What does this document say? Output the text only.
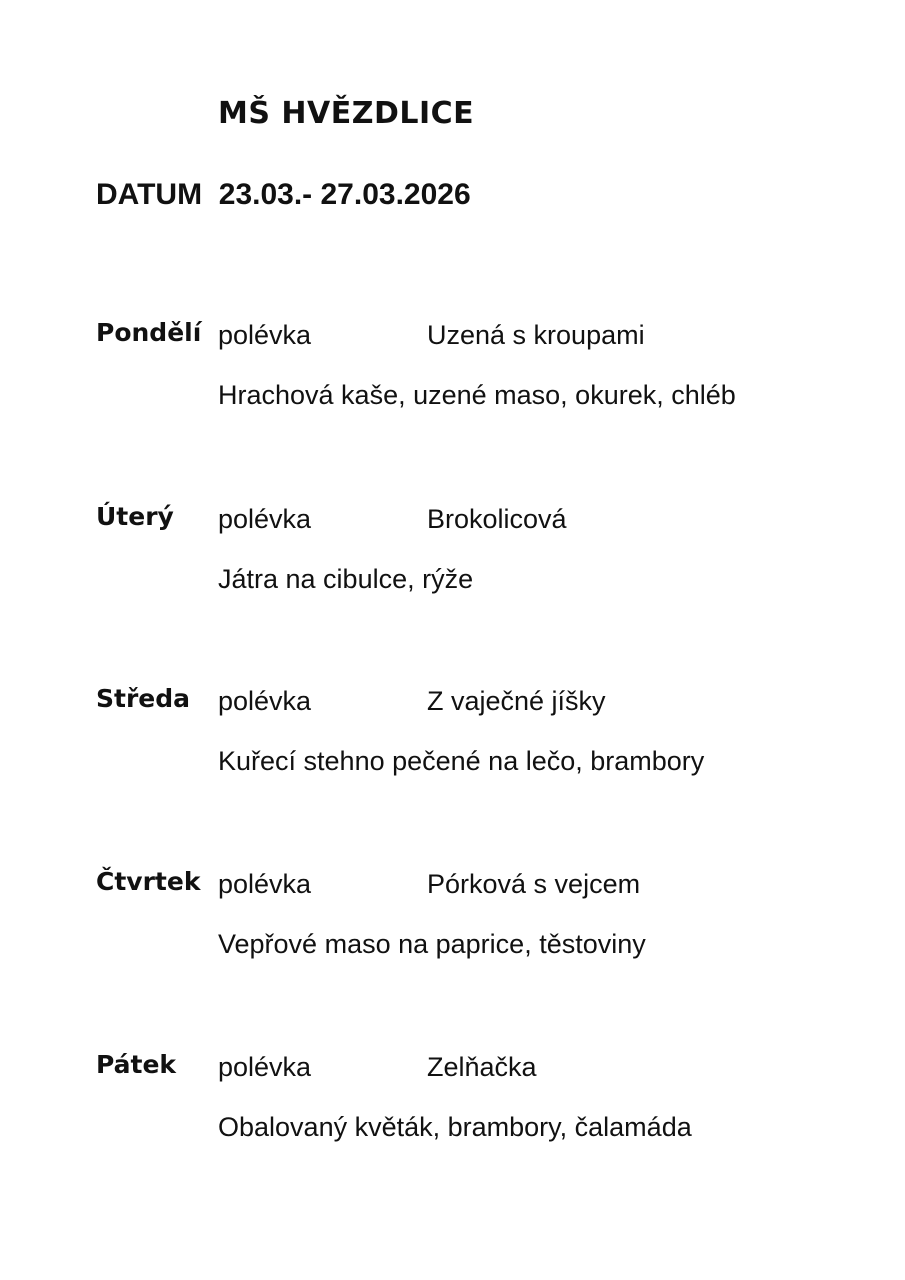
MŠ HVĚZDLICE
DATUM 23.03.- 27.03.2026
Pondělí polévka	Uzená s kroupami
Hrachová kaše, uzené maso, okurek, chléb
Úterý polévka	Brokolicová
Játra na cibulce, rýže
Středa polévka	Z vaječné jíšky
Kuřecí stehno pečené na lečo, brambory
Čtvrtek polévka	Pórková s vejcem
Vepřové maso na paprice, těstoviny
Pátek polévka	Zelňačka
Obalovaný květák, brambory, čalamáda
